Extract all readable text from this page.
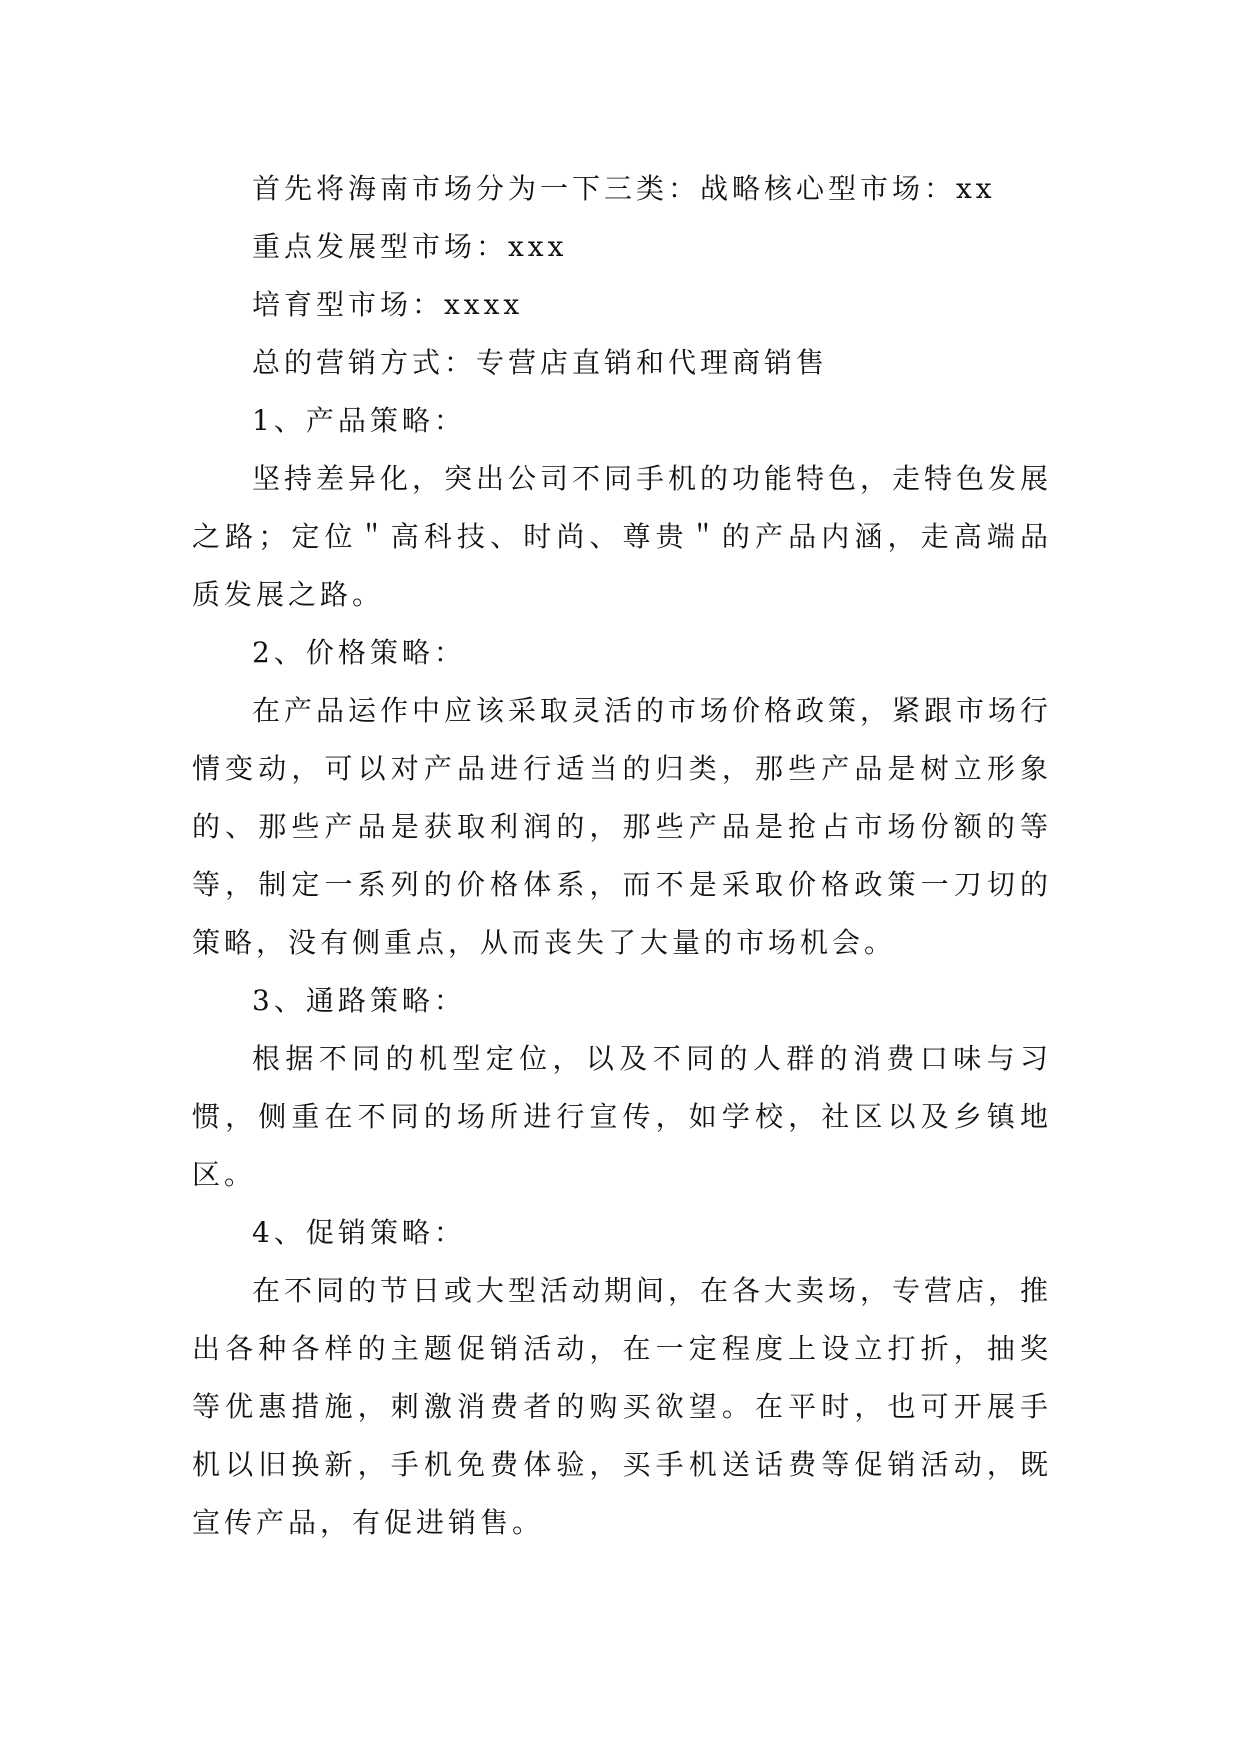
首先将海南市场分为一下三类：战略核心型市场：xx

重点发展型市场：xxx

培育型市场：xxxx

总的营销方式：专营店直销和代理商销售

1、产品策略：

坚持差异化，突出公司不同手机的功能特色，走特色发展之路；定位＂高科技、时尚、尊贵＂的产品内涵，走高端品质发展之路。

2、价格策略：

在产品运作中应该采取灵活的市场价格政策，紧跟市场行情变动，可以对产品进行适当的归类，那些产品是树立形象的、那些产品是获取利润的，那些产品是抢占市场份额的等等，制定一系列的价格体系，而不是采取价格政策一刀切的策略，没有侧重点，从而丧失了大量的市场机会。

3、通路策略：

根据不同的机型定位，以及不同的人群的消费口味与习惯，侧重在不同的场所进行宣传，如学校，社区以及乡镇地区。

4、促销策略：

在不同的节日或大型活动期间，在各大卖场，专营店，推出各种各样的主题促销活动，在一定程度上设立打折，抽奖等优惠措施，刺激消费者的购买欲望。在平时，也可开展手机以旧换新，手机免费体验，买手机送话费等促销活动，既宣传产品，有促进销售。
